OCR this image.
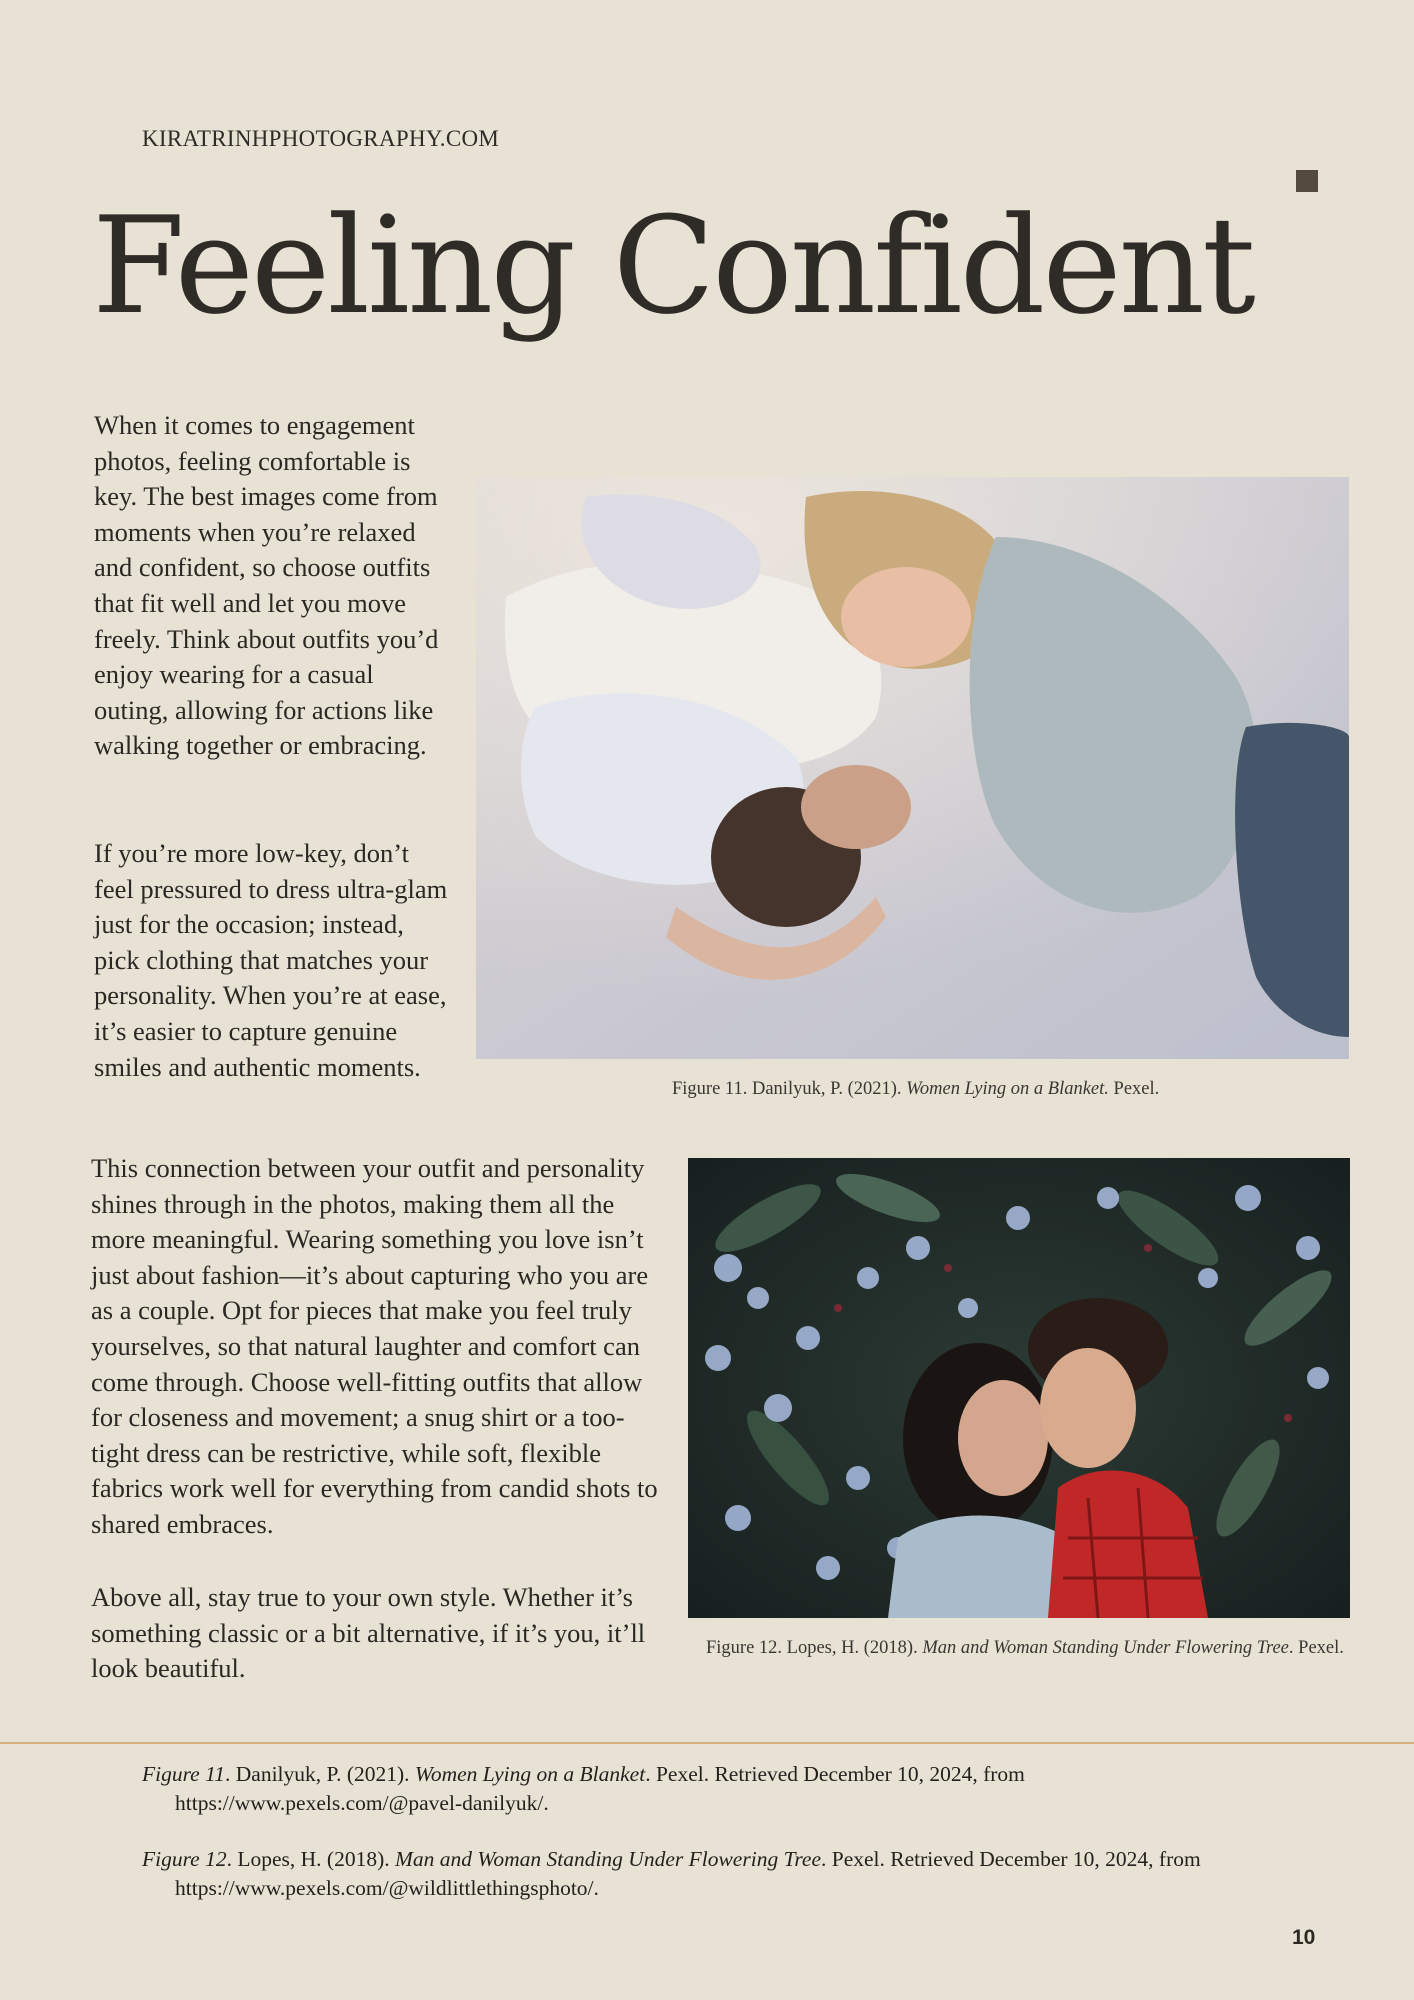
KIRATRINHPHOTOGRAPHY.COM
Feeling Confident

When it comes to engagement photos, feeling comfortable is key. The best images come from moments when you’re relaxed and confident, so choose outfits that fit well and let you move freely. Think about outfits you’d enjoy wearing for a casual outing, allowing for actions like walking together or embracing.

If you’re more low-key, don’t feel pressured to dress ultra-glam just for the occasion; instead, pick clothing that matches your personality. When you’re at ease, it’s easier to capture genuine smiles and authentic moments.

This connection between your outfit and personality shines through in the photos, making them all the more meaningful. Wearing something you love isn’t just about fashion—it’s about capturing who you are as a couple. Opt for pieces that make you feel truly yourselves, so that natural laughter and comfort can come through. Choose well-fitting outfits that allow for closeness and movement; a snug shirt or a too-tight dress can be restrictive, while soft, flexible fabrics work well for everything from candid shots to shared embraces.

Above all, stay true to your own style. Whether it’s something classic or a bit alternative, if it’s you, it’ll look beautiful.

Figure 11. Danilyuk, P. (2021). Women Lying on a Blanket. Pexel.
Figure 12. Lopes, H. (2018). Man and Woman Standing Under Flowering Tree. Pexel.
Figure 11. Danilyuk, P. (2021). Women Lying on a Blanket. Pexel. Retrieved December 10, 2024, from
https://www.pexels.com/@pavel-danilyuk/.
Figure 12. Lopes, H. (2018). Man and Woman Standing Under Flowering Tree. Pexel. Retrieved December 10, 2024, from
https://www.pexels.com/@wildlittlethingsphoto/.
10
